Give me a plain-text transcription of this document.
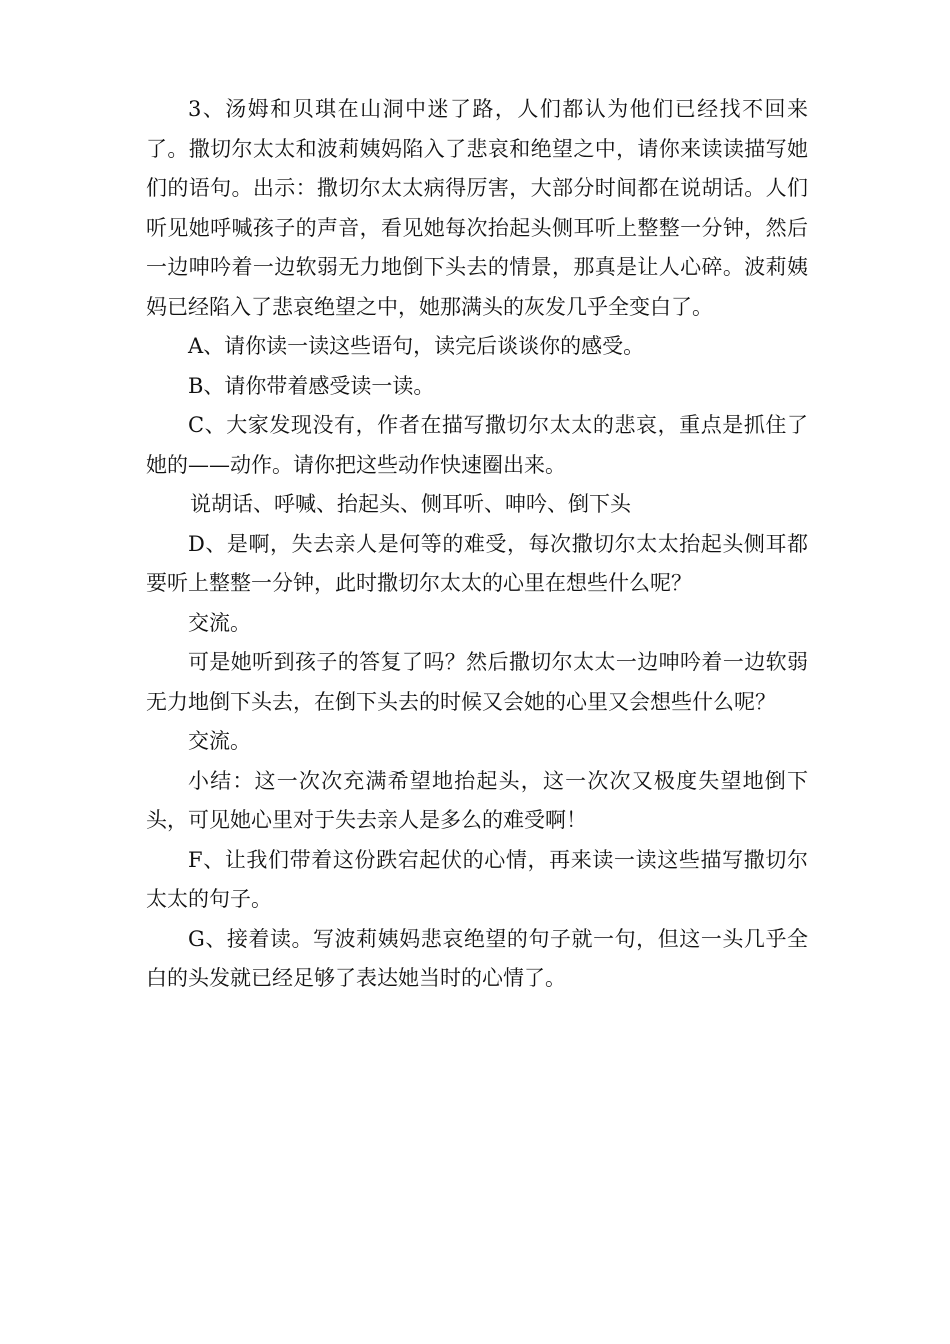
3、汤姆和贝琪在山洞中迷了路，人们都认为他们已经找不回来了。撒切尔太太和波莉姨妈陷入了悲哀和绝望之中，请你来读读描写她们的语句。出示：撒切尔太太病得厉害，大部分时间都在说胡话。人们听见她呼喊孩子的声音，看见她每次抬起头侧耳听上整整一分钟，然后一边呻吟着一边软弱无力地倒下头去的情景，那真是让人心碎。波莉姨妈已经陷入了悲哀绝望之中，她那满头的灰发几乎全变白了。

A、请你读一读这些语句，读完后谈谈你的感受。

B、请你带着感受读一读。

C、大家发现没有，作者在描写撒切尔太太的悲哀，重点是抓住了她的——动作。请你把这些动作快速圈出来。

说胡话、呼喊、抬起头、侧耳听、呻吟、倒下头

D、是啊，失去亲人是何等的难受，每次撒切尔太太抬起头侧耳都要听上整整一分钟，此时撒切尔太太的心里在想些什么呢？

交流。

可是她听到孩子的答复了吗？然后撒切尔太太一边呻吟着一边软弱无力地倒下头去，在倒下头去的时候又会她的心里又会想些什么呢？

交流。

小结：这一次次充满希望地抬起头，这一次次又极度失望地倒下头，可见她心里对于失去亲人是多么的难受啊！

F、让我们带着这份跌宕起伏的心情，再来读一读这些描写撒切尔太太的句子。

G、接着读。写波莉姨妈悲哀绝望的句子就一句，但这一头几乎全白的头发就已经足够了表达她当时的心情了。
